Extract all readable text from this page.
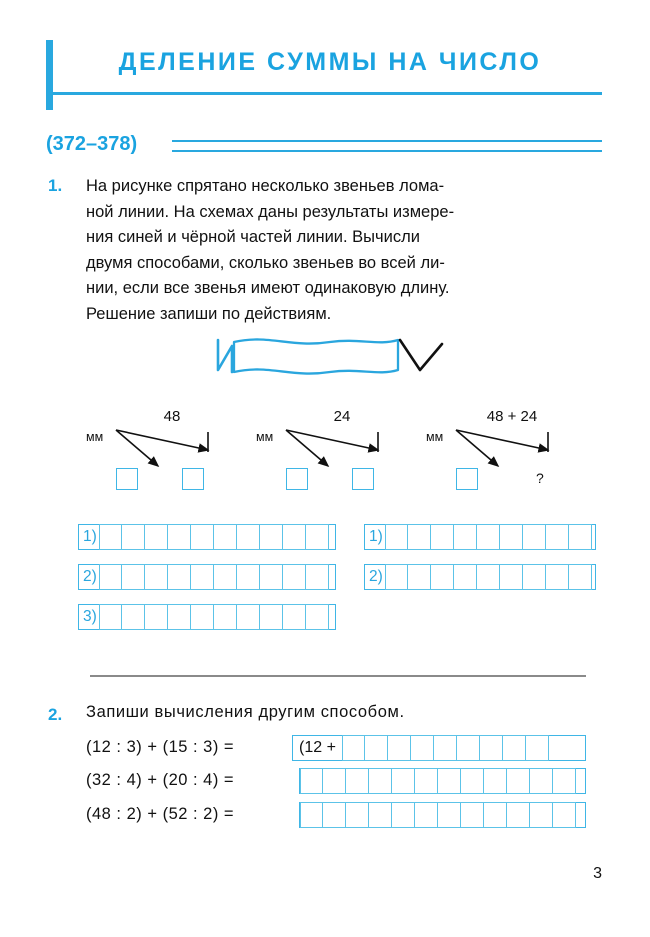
ДЕЛЕНИЕ СУММЫ НА ЧИСЛО
(372–378)
1. На рисунке спрятано несколько звеньев лома-
ной линии. На схемах даны результаты измере-
ния синей и чёрной частей линии. Вычисли
двумя способами, сколько звеньев во всей ли-
нии, если все звенья имеют одинаковую длину.
Решение запиши по действиям.
мм
48
мм
24
мм
48 + 24
?
1)
2)
3)
1)
2)
2. Запиши вычисления другим способом.
(12 : 3) + (15 : 3) =	(12 +
(32 : 4) + (20 : 4) =
(48 : 2) + (52 : 2) =
3
